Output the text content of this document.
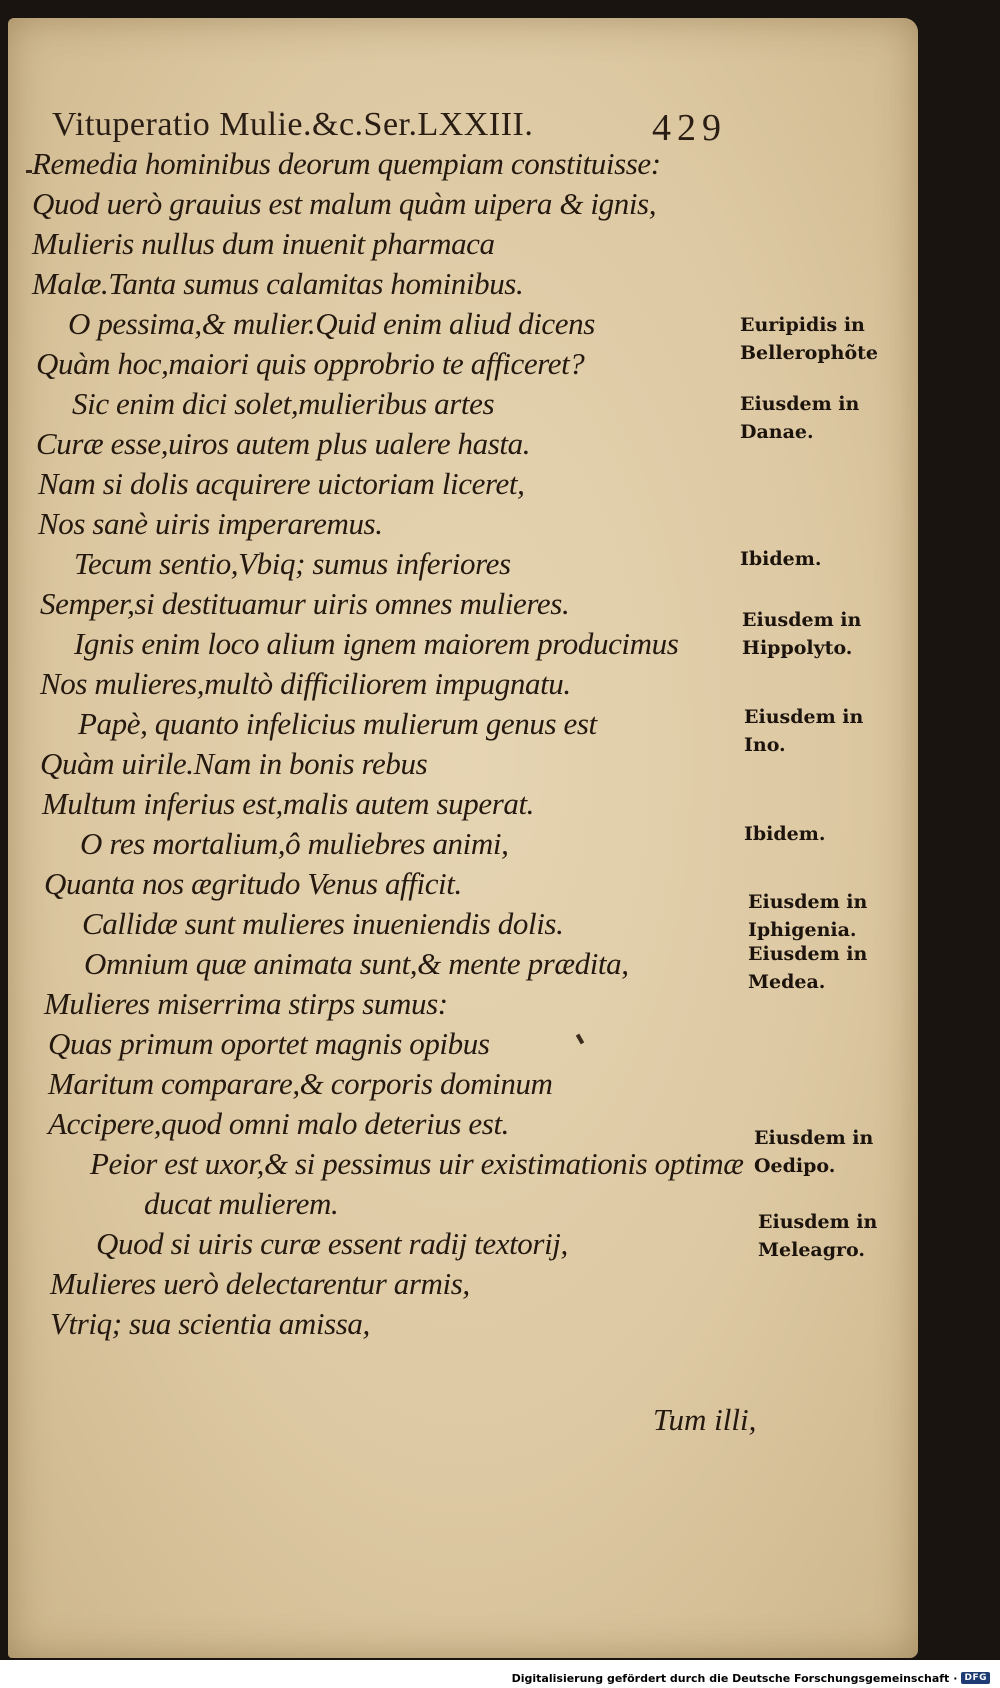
Vituperatio Mulie.&c.Ser.LXXIII.	429
Remedia hominibus deorum quempiam constituisse:
Quod uerò grauius est malum quàm uipera & ignis,
Mulieris nullus dum inuenit pharmaca
Malæ.Tanta sumus calamitas hominibus.
O pessima,& mulier.Quid enim aliud dicens
Quàm hoc,maiori quis opprobrio te afficeret?
Sic enim dici solet,mulieribus artes
Curæ esse,uiros autem plus ualere hasta.
Nam si dolis acquirere uictoriam liceret,
Nos sanè uiris imperaremus.
Tecum sentio,Vbiq; sumus inferiores
Semper,si destituamur uiris omnes mulieres.
Ignis enim loco alium ignem maiorem producimus
Nos mulieres,multò difficiliorem impugnatu.
Papè, quanto infelicius mulierum genus est
Quàm uirile.Nam in bonis rebus
Multum inferius est,malis autem superat.
O res mortalium,ô muliebres animi,
Quanta nos ægritudo Venus afficit.
Callidæ sunt mulieres inueniendis dolis.
Omnium quæ animata sunt,& mente prædita,
Mulieres miserrima stirps sumus:
Quas primum oportet magnis opibus
Maritum comparare,& corporis dominum
Accipere,quod omni malo deterius est.
Peior est uxor,& si pessimus uir existimationis optimæ
ducat mulierem.
Quod si uiris curæ essent radij textorij,
Mulieres uerò delectarentur armis,
Vtriq; sua scientia amissa,
Euripidis in
Bellerophõte
Eiusdem in
Danae.
Ibidem.
Eiusdem in
Hippolyto.
Eiusdem in
Ino.
Ibidem.
Eiusdem in
Iphigenia.
Eiusdem in
Medea.
Eiusdem in
Oedipo.
Eiusdem in
Meleagro.
Tum illi,
Digitalisierung gefördert durch die Deutsche Forschungsgemeinschaft · DFG
